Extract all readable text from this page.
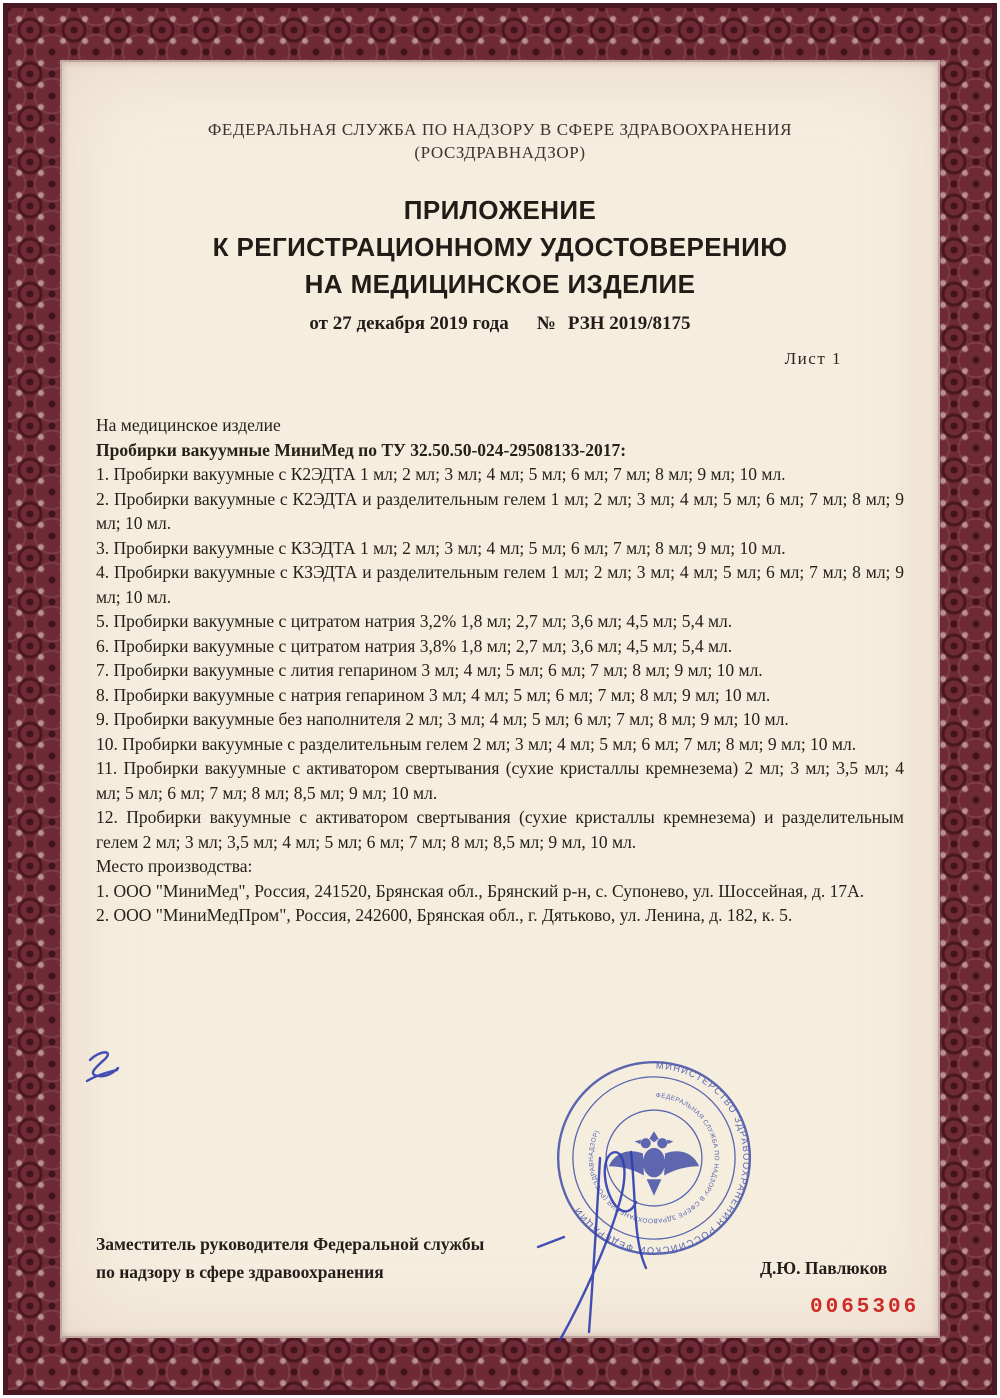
ФЕДЕРАЛЬНАЯ СЛУЖБА ПО НАДЗОРУ В СФЕРЕ ЗДРАВООХРАНЕНИЯ
(РОСЗДРАВНАДЗОР)
ПРИЛОЖЕНИЕ
К РЕГИСТРАЦИОННОМУ УДОСТОВЕРЕНИЮ
НА МЕДИЦИНСКОЕ ИЗДЕЛИЕ
от 27 декабря 2019 года № РЗН 2019/8175
Лист 1

На медицинское изделие

Пробирки вакуумные МиниМед по ТУ 32.50.50-024-29508133-2017:

1. Пробирки вакуумные с К2ЭДТА 1 мл; 2 мл; 3 мл; 4 мл; 5 мл; 6 мл; 7 мл; 8 мл; 9 мл; 10 мл.

2. Пробирки вакуумные с К2ЭДТА и разделительным гелем 1 мл; 2 мл; 3 мл; 4 мл; 5 мл; 6 мл; 7 мл; 8 мл; 9 мл; 10 мл.

3. Пробирки вакуумные с КЗЭДТА 1 мл; 2 мл; 3 мл; 4 мл; 5 мл; 6 мл; 7 мл; 8 мл; 9 мл; 10 мл.

4. Пробирки вакуумные с КЗЭДТА и разделительным гелем 1 мл; 2 мл; 3 мл; 4 мл; 5 мл; 6 мл; 7 мл; 8 мл; 9 мл; 10 мл.

5. Пробирки вакуумные с цитратом натрия 3,2% 1,8 мл; 2,7 мл; 3,6 мл; 4,5 мл; 5,4 мл.

6. Пробирки вакуумные с цитратом натрия 3,8% 1,8 мл; 2,7 мл; 3,6 мл; 4,5 мл; 5,4 мл.

7. Пробирки вакуумные с лития гепарином 3 мл; 4 мл; 5 мл; 6 мл; 7 мл; 8 мл; 9 мл; 10 мл.

8. Пробирки вакуумные с натрия гепарином 3 мл; 4 мл; 5 мл; 6 мл; 7 мл; 8 мл; 9 мл; 10 мл.

9. Пробирки вакуумные без наполнителя 2 мл; 3 мл; 4 мл; 5 мл; 6 мл; 7 мл; 8 мл; 9 мл; 10 мл.

10. Пробирки вакуумные с разделительным гелем 2 мл; 3 мл; 4 мл; 5 мл; 6 мл; 7 мл; 8 мл; 9 мл; 10 мл.

11. Пробирки вакуумные с активатором свертывания (сухие кристаллы кремнезема) 2 мл; 3 мл; 3,5 мл; 4 мл; 5 мл; 6 мл; 7 мл; 8 мл; 8,5 мл; 9 мл; 10 мл.

12. Пробирки вакуумные с активатором свертывания (сухие кристаллы кремнезема) и разделительным гелем 2 мл; 3 мл; 3,5 мл; 4 мл; 5 мл; 6 мл; 7 мл; 8 мл; 8,5 мл; 9 мл, 10 мл.

Место производства:

1. ООО "МиниМед", Россия, 241520, Брянская обл., Брянский р-н, с. Супонево, ул. Шоссейная, д. 17А.

2. ООО "МиниМедПром", Россия, 242600, Брянская обл., г. Дятьково, ул. Ленина, д. 182, к. 5.

МИНИСТЕРСТВО ЗДРАВООХРАНЕНИЯ РОССИЙСКОЙ ФЕДЕРАЦИИ
ФЕДЕРАЛЬНАЯ СЛУЖБА ПО НАДЗОРУ В СФЕРЕ ЗДРАВООХРАНЕНИЯ (РОСЗДРАВНАДЗОР)
Заместитель руководителя Федеральной службы
по надзору в сфере здравоохранения	Д.Ю. Павлюков
0065306
